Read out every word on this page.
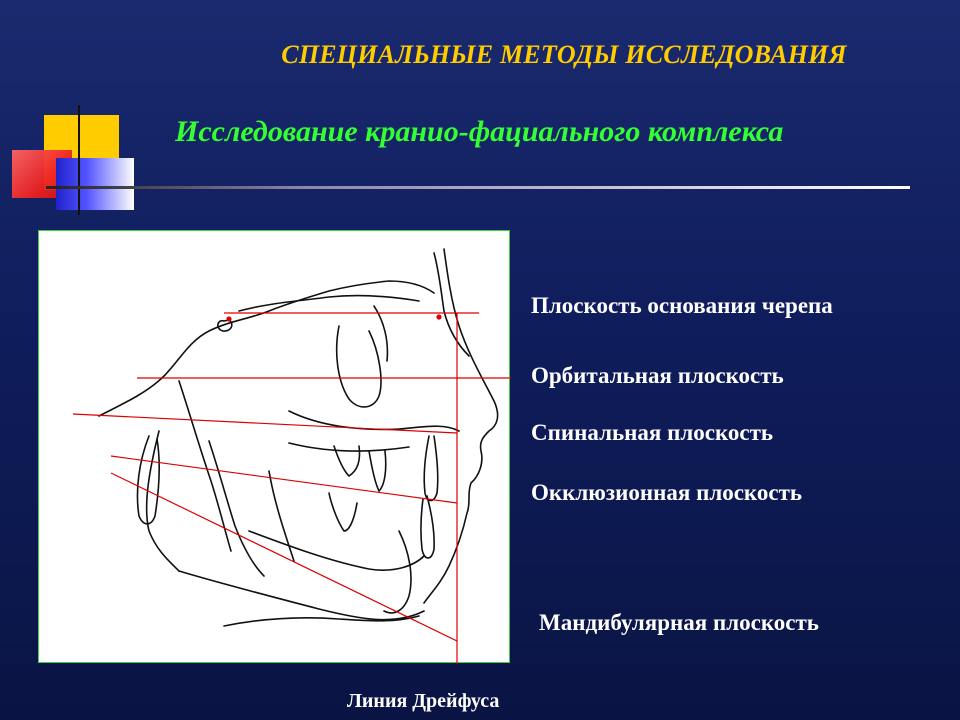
СПЕЦИАЛЬНЫЕ МЕТОДЫ ИССЛЕДОВАНИЯ
Исследование кранио-фациального комплекса
Плоскость основания черепа
Орбитальная плоскость
Спинальная плоскость
Окклюзионная плоскость
Мандибулярная плоскость
Линия Дрейфуса
